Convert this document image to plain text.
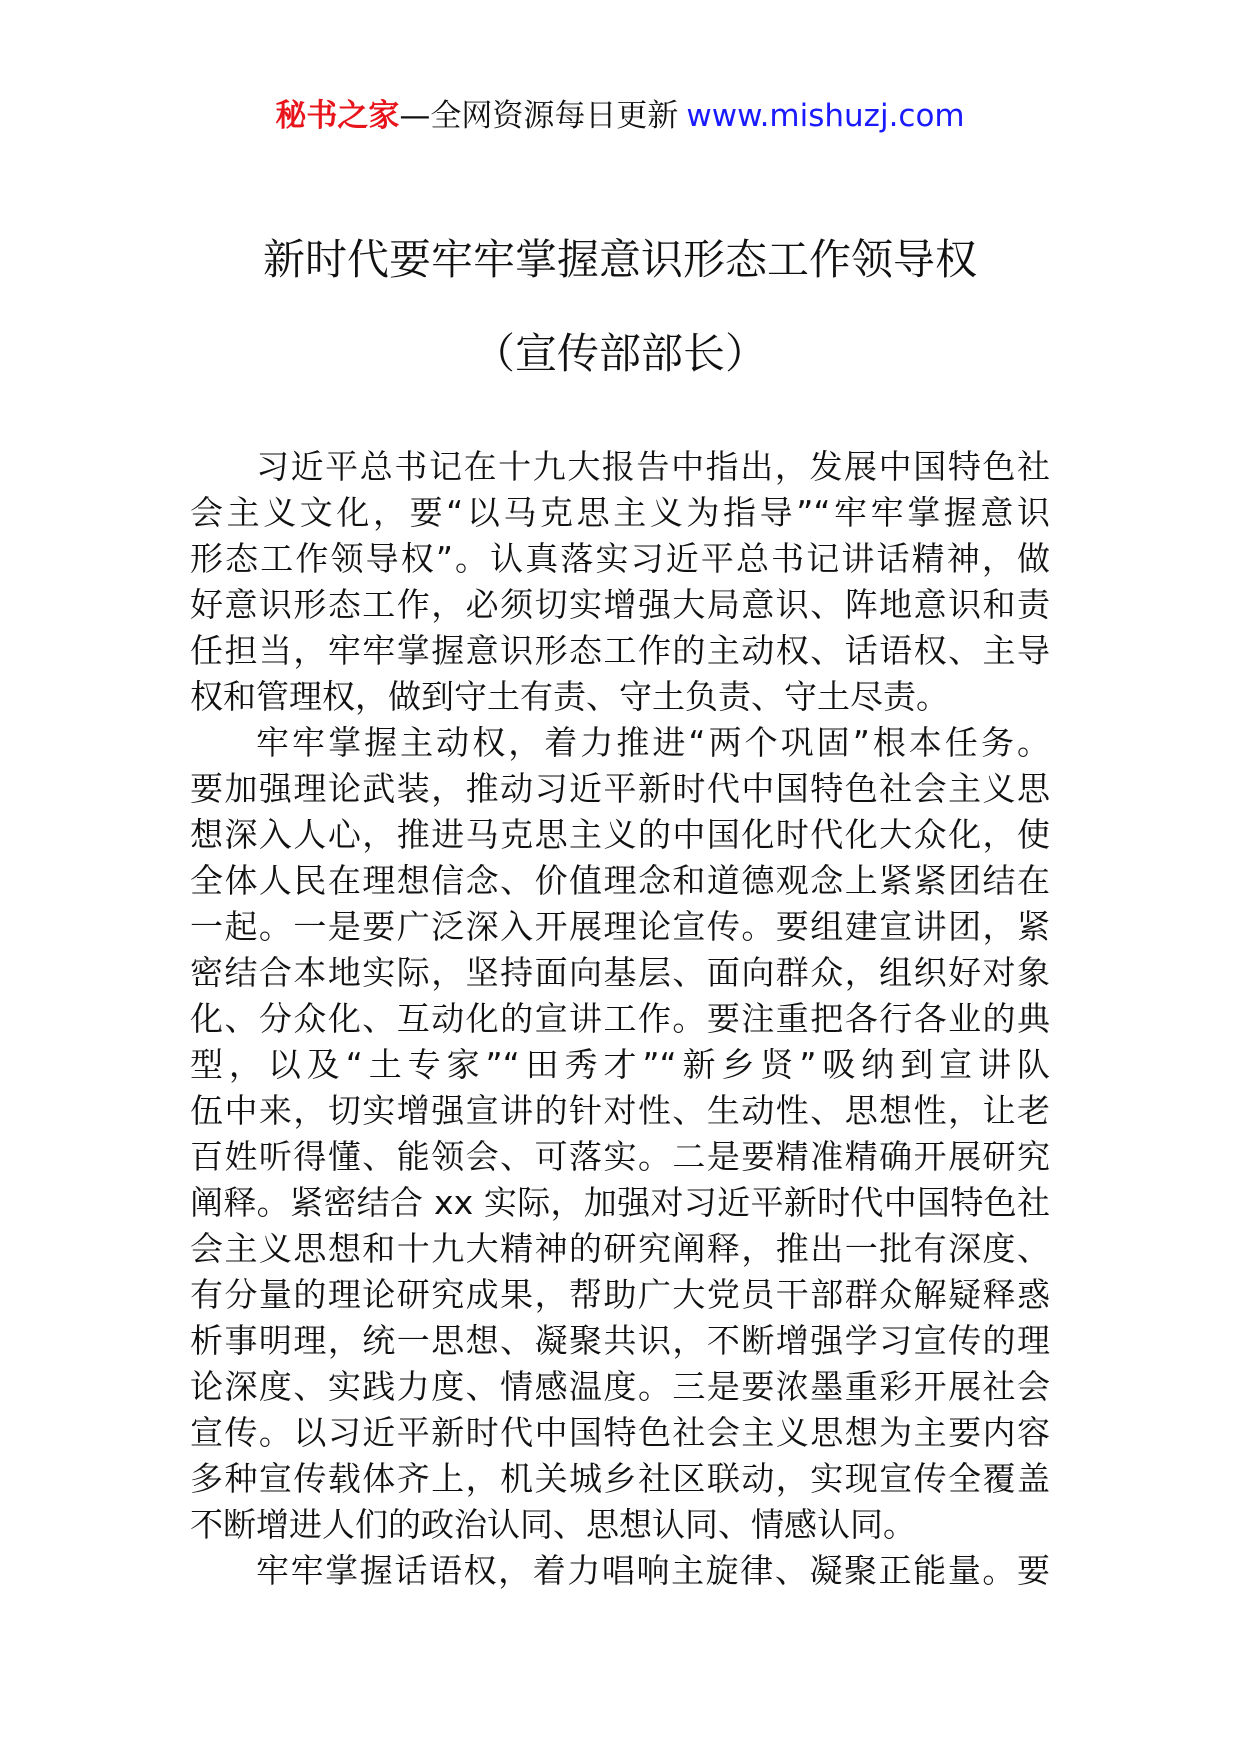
秘书之家—全网资源每日更新 www.mishuzj.com
新时代要牢牢掌握意识形态工作领导权
（宣传部部长）
习近平总书记在十九大报告中指出，发展中国特色社
会主义文化，要“以马克思主义为指导”“牢牢掌握意识
形态工作领导权”。认真落实习近平总书记讲话精神，做
好意识形态工作，必须切实增强大局意识、阵地意识和责
任担当，牢牢掌握意识形态工作的主动权、话语权、主导
权和管理权，做到守土有责、守土负责、守土尽责。
牢牢掌握主动权，着力推进“两个巩固”根本任务。
要加强理论武装，推动习近平新时代中国特色社会主义思
想深入人心，推进马克思主义的中国化时代化大众化，使
全体人民在理想信念、价值理念和道德观念上紧紧团结在
一起。一是要广泛深入开展理论宣传。要组建宣讲团，紧
密结合本地实际，坚持面向基层、面向群众，组织好对象
化、分众化、互动化的宣讲工作。要注重把各行各业的典
型，以及“土专家”“田秀才”“新乡贤”吸纳到宣讲队
伍中来，切实增强宣讲的针对性、生动性、思想性，让老
百姓听得懂、能领会、可落实。二是要精准精确开展研究
阐释。紧密结合 xx 实际，加强对习近平新时代中国特色社
会主义思想和十九大精神的研究阐释，推出一批有深度、
有分量的理论研究成果，帮助广大党员干部群众解疑释惑
析事明理，统一思想、凝聚共识，不断增强学习宣传的理
论深度、实践力度、情感温度。三是要浓墨重彩开展社会
宣传。以习近平新时代中国特色社会主义思想为主要内容
多种宣传载体齐上，机关城乡社区联动，实现宣传全覆盖
不断增进人们的政治认同、思想认同、情感认同。
牢牢掌握话语权，着力唱响主旋律、凝聚正能量。要
